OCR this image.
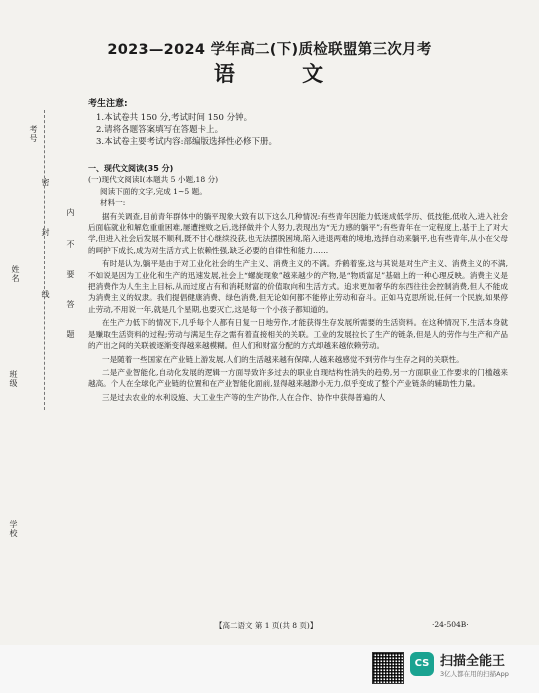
考号
姓名
班级
密
封
线
内
不
要
答
题
学校
2023—2024 学年高二(下)质检联盟第三次月考
语 文
考生注意:
1.本试卷共 150 分,考试时间 150 分钟。
2.请将各题答案填写在答题卡上。
3.本试卷主要考试内容:部编版选择性必修下册。
一、现代文阅读(35 分)
(一)现代文阅读Ⅰ(本题共 5 小题,18 分)
阅读下面的文字,完成 1~5 题。
材料一:

据有关调查,目前青年群体中的躺平现象大致有以下这么几种情况:有些青年因能力低迷成低学历、低技能,低收入,进入社会后面临就业和解危重重困难,屡遭挫败之后,选择做并个人努力,表现出为“无力感的躺平”;有些青年在一定程度上,基于上了对大学,但进入社会后发展不顺利,既不甘心继续没获,也无法摆脱困境,陷入进退两难的境地,选择自动来躺平,也有些青年,从小在父母的呵护下成长,成为对生活方式上依赖性强,缺乏必要的自律性和能力……

有时是认为,躺平是由于对工业化社会的生产主义、消费主义的不满。乔鹤着鉴,这与其说是对生产主义、消费主义的不满,不如说是因为工业化和生产的迅速发展,社会上“螺旋现象”越来越少的产物,是“物质富足”基础上的一种心理反映。消费主义是把消费作为人生主上目标,从而过度占有和消耗财富的价值取向和生活方式。追求更加奢华的东西往往会控制消费,但人不能成为消费主义的奴隶。我们提倡健康消费、绿色消费,但无论如何都不能停止劳动和奋斗。正如马克思所说,任何一个民族,如果停止劳动,不用说一年,就是几个星期,也要灭亡,这是每一个小孩子都知道的。

在生产力低下的情况下,几乎每个人都有日复一日地劳作,才能获得生存发展所需要的生活资料。在这种情况下,生活本身就是赚取生活资料的过程;劳动与满足生存之需有着直接相关的关联。工业的发展拉长了生产的链条,但是人的劳作与生产和产品的产出之间的关联被逐渐变得越来越模糊。但人们和财富分配的方式却越来越依赖劳动。

一是随着一些国家在产业链上游发展,人们的生活越来越有保障,人越来越感觉不到劳作与生存之间的关联性。

二是产业智能化,自动化发展的逻辑一方面导致许多过去的职业自现结构性消失的趋势,另一方面职业工作要求的门槛越来越高。个人在全球化产业链的位置和在产业智能化面前,显得越来越渺小无力,似乎变成了整个产业链条的辅助性力量。

三是过去农业的水利设施、大工业生产等的生产协作,人在合作、协作中获得普遍的人

【高二语文 第 1 页(共 8 页)】	·24-504B·
CS 扫描全能王
3亿人都在用的扫描App
